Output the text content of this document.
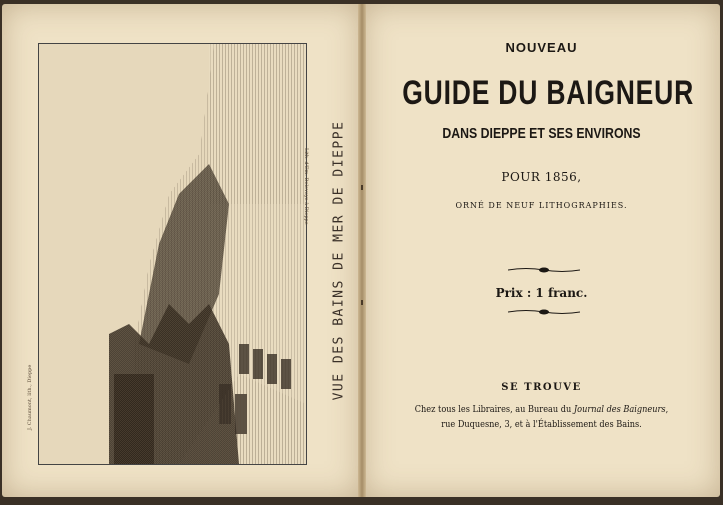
J. Chaumont, lith., Dieppe
Lith. d'Em. Delevoye à Dieppe VUE DES BAINS DE MER DE DIEPPE
NOUVEAU
GUIDE DU BAIGNEUR
DANS DIEPPE ET SES ENVIRONS
POUR 1856,
ORNÉ DE NEUF LITHOGRAPHIES.
Prix : 1 franc.
SE TROUVE
Chez tous les Libraires, au Bureau du Journal des Baigneurs,
rue Duquesne, 3, et à l'Établissement des Bains.
